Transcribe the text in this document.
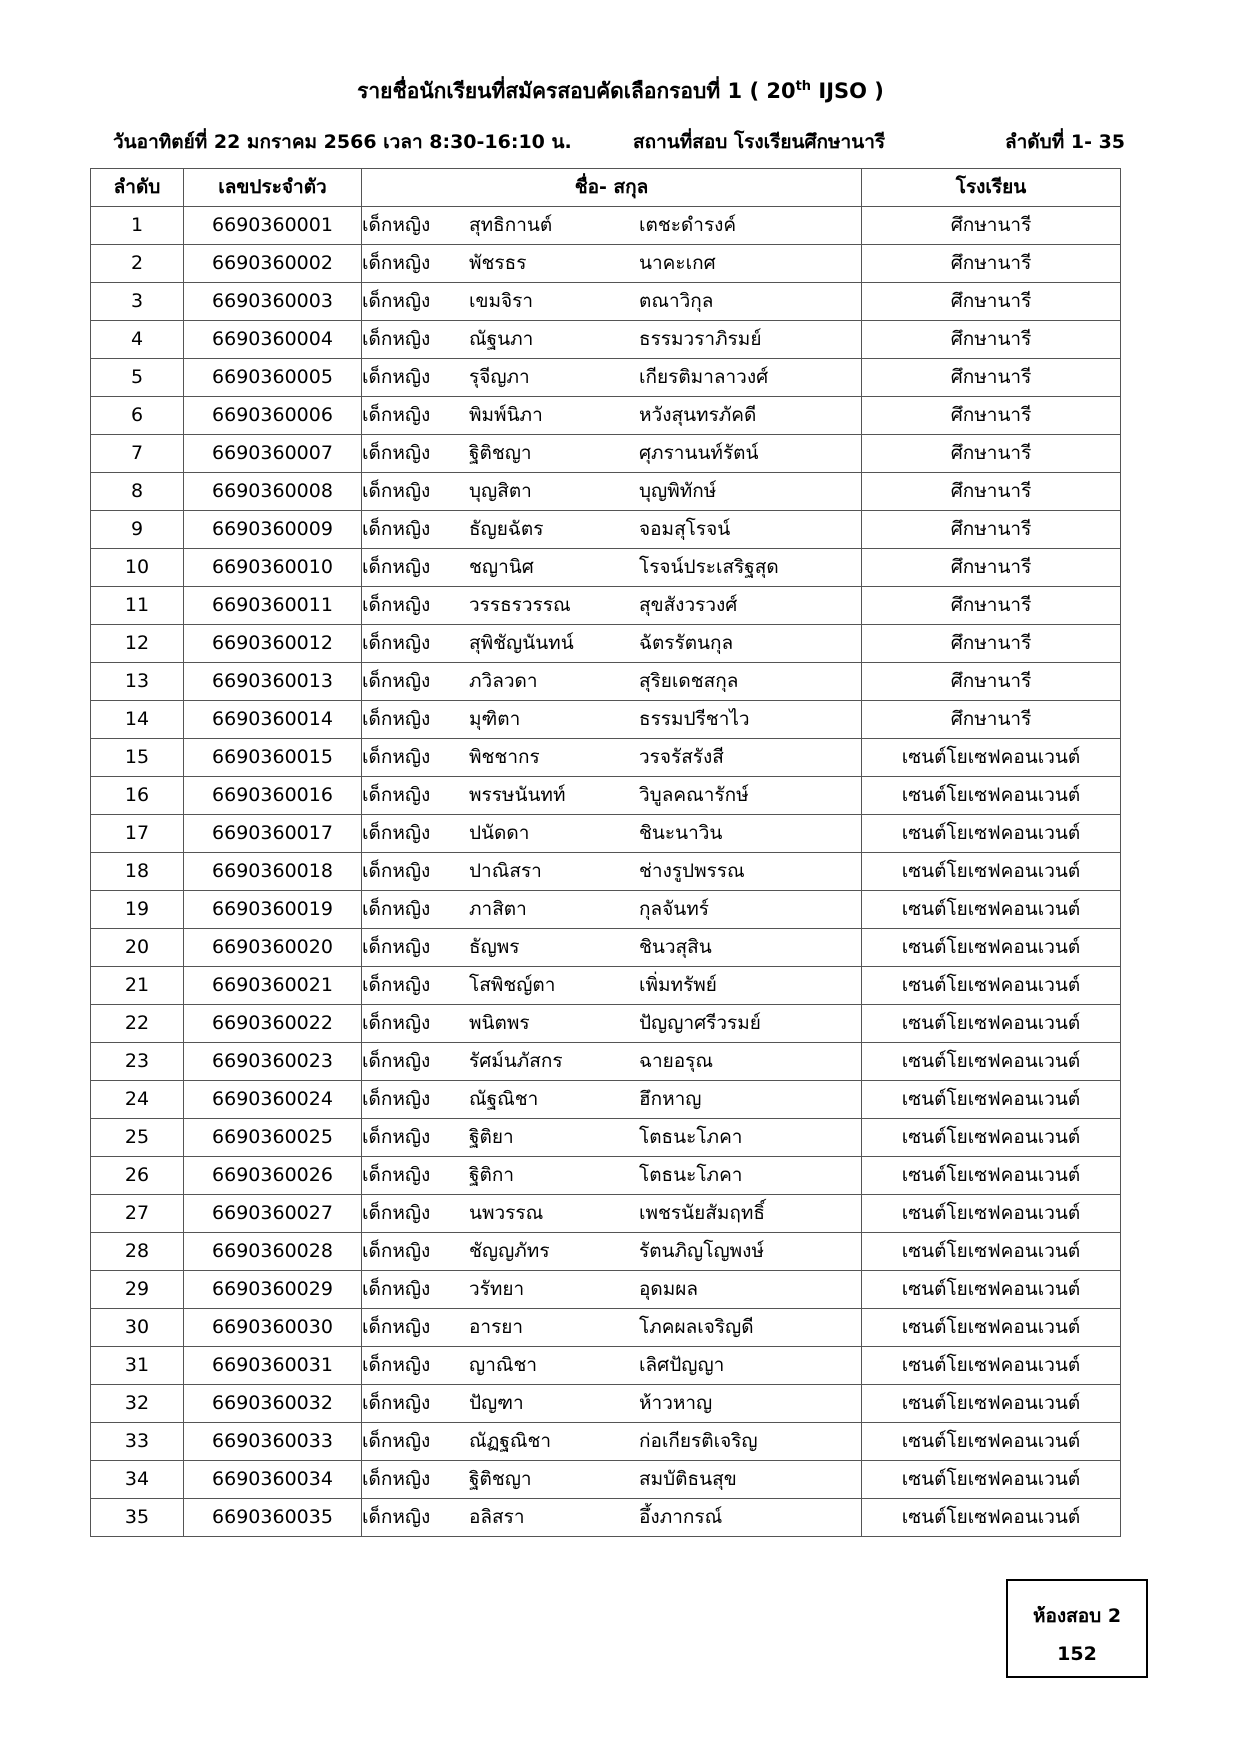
รายชื่อนักเรียนที่สมัครสอบคัดเลือกรอบที่ 1 ( 20th IJSO )
วันอาทิตย์ที่ 22 มกราคม 2566 เวลา 8:30-16:10 น.	สถานที่สอบ โรงเรียนศึกษานารี	ลำดับที่ 1- 35
ลำดับ	เลขประจำตัว	ชื่อ- สกุล	โรงเรียน
1	6690360001	เด็กหญิง สุทธิกานต์ เตชะดำรงค์	ศึกษานารี
2	6690360002	เด็กหญิง พัชรธร นาคะเกศ	ศึกษานารี
3	6690360003	เด็กหญิง เขมจิรา ตณาวิกุล	ศึกษานารี
4	6690360004	เด็กหญิง ณัฐนภา ธรรมวราภิรมย์	ศึกษานารี
5	6690360005	เด็กหญิง รุจีญภา เกียรติมาลาวงศ์	ศึกษานารี
6	6690360006	เด็กหญิง พิมพ์นิภา หวังสุนทรภัคดี	ศึกษานารี
7	6690360007	เด็กหญิง ฐิติชญา ศุภรานนท์รัตน์	ศึกษานารี
8	6690360008	เด็กหญิง บุญสิตา บุญพิทักษ์	ศึกษานารี
9	6690360009	เด็กหญิง ธัญยฉัตร จอมสุโรจน์	ศึกษานารี
10	6690360010	เด็กหญิง ชญานิศ โรจน์ประเสริฐสุด	ศึกษานารี
11	6690360011	เด็กหญิง วรรธรวรรณ สุขสังวรวงศ์	ศึกษานารี
12	6690360012	เด็กหญิง สุพิชัญนันทน์ ฉัตรรัตนกุล	ศึกษานารี
13	6690360013	เด็กหญิง ภวิลวดา สุริยเดชสกุล	ศึกษานารี
14	6690360014	เด็กหญิง มุฑิตา ธรรมปรีชาไว	ศึกษานารี
15	6690360015	เด็กหญิง พิชชากร วรจรัสรังสี	เซนต์โยเซฟคอนเวนต์
16	6690360016	เด็กหญิง พรรษนันทท์ วิบูลคณารักษ์	เซนต์โยเซฟคอนเวนต์
17	6690360017	เด็กหญิง ปนัดดา ชินะนาวิน	เซนต์โยเซฟคอนเวนต์
18	6690360018	เด็กหญิง ปาณิสรา ช่างรูปพรรณ	เซนต์โยเซฟคอนเวนต์
19	6690360019	เด็กหญิง ภาสิตา กุลจันทร์	เซนต์โยเซฟคอนเวนต์
20	6690360020	เด็กหญิง ธัญพร ชินวสุสิน	เซนต์โยเซฟคอนเวนต์
21	6690360021	เด็กหญิง โสพิชญ์ตา เพิ่มทรัพย์	เซนต์โยเซฟคอนเวนต์
22	6690360022	เด็กหญิง พนิตพร ปัญญาศรีวรมย์	เซนต์โยเซฟคอนเวนต์
23	6690360023	เด็กหญิง รัศม์นภัสกร ฉายอรุณ	เซนต์โยเซฟคอนเวนต์
24	6690360024	เด็กหญิง ณัฐณิชา ฮึกหาญ	เซนต์โยเซฟคอนเวนต์
25	6690360025	เด็กหญิง ฐิติยา โตธนะโภคา	เซนต์โยเซฟคอนเวนต์
26	6690360026	เด็กหญิง ฐิติกา โตธนะโภคา	เซนต์โยเซฟคอนเวนต์
27	6690360027	เด็กหญิง นพวรรณ เพชรนัยสัมฤทธิ์	เซนต์โยเซฟคอนเวนต์
28	6690360028	เด็กหญิง ชัญญภัทร รัตนภิญโญพงษ์	เซนต์โยเซฟคอนเวนต์
29	6690360029	เด็กหญิง วรัทยา อุดมผล	เซนต์โยเซฟคอนเวนต์
30	6690360030	เด็กหญิง อารยา โภคผลเจริญดี	เซนต์โยเซฟคอนเวนต์
31	6690360031	เด็กหญิง ญาณิชา เลิศปัญญา	เซนต์โยเซฟคอนเวนต์
32	6690360032	เด็กหญิง ปัญฑา ห้าวหาญ	เซนต์โยเซฟคอนเวนต์
33	6690360033	เด็กหญิง ณัฏฐณิชา ก่อเกียรติเจริญ	เซนต์โยเซฟคอนเวนต์
34	6690360034	เด็กหญิง ฐิติชญา สมบัติธนสุข	เซนต์โยเซฟคอนเวนต์
35	6690360035	เด็กหญิง อลิสรา อึ้งภากรณ์	เซนต์โยเซฟคอนเวนต์
ห้องสอบ 2
152
